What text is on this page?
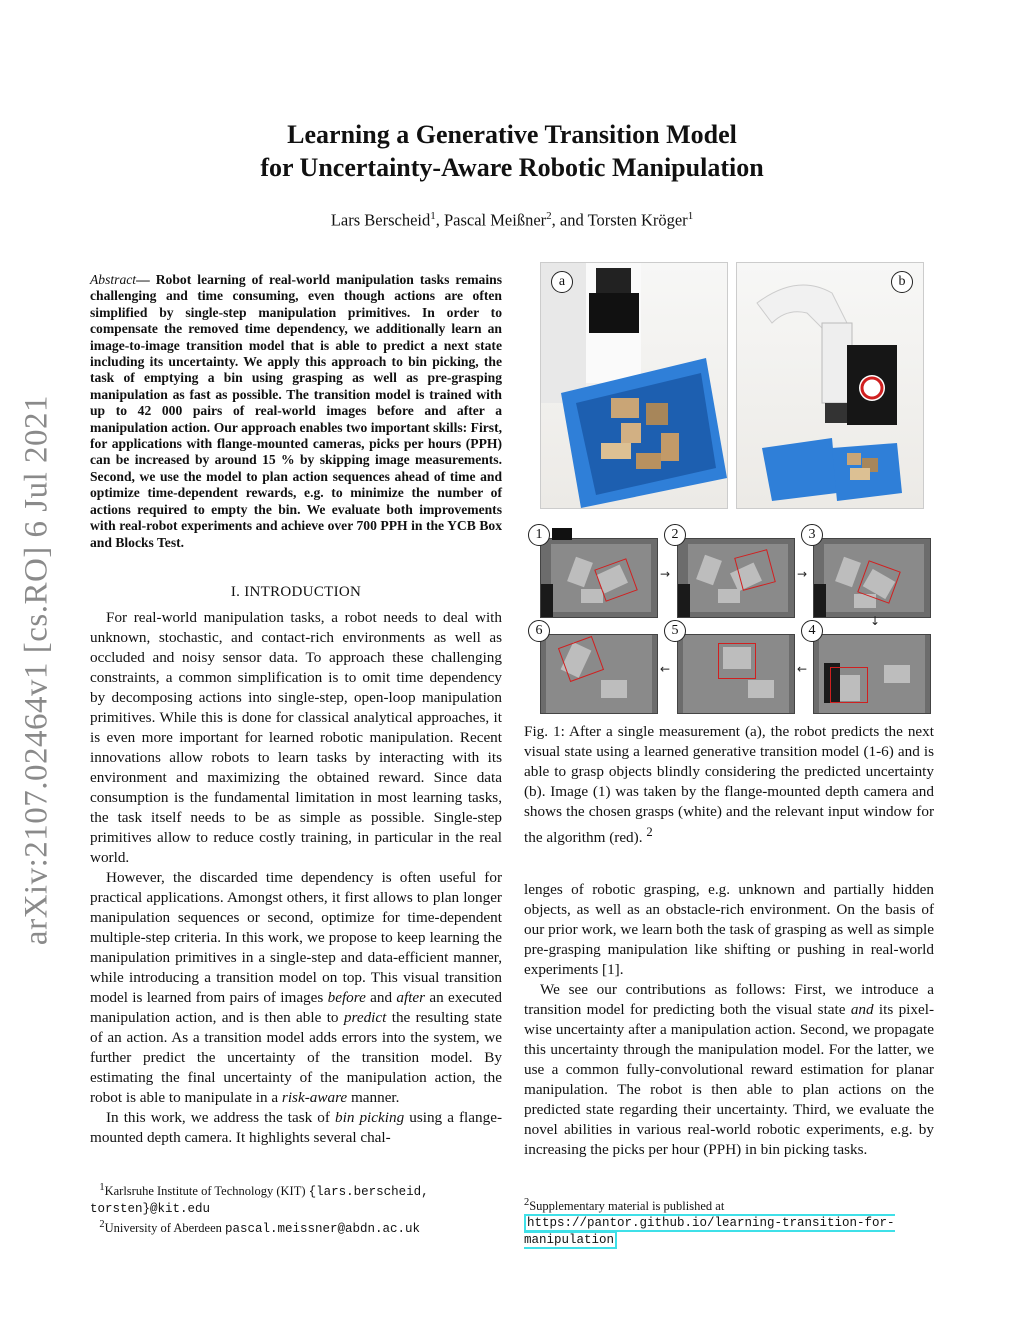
arXiv:2107.02464v1 [cs.RO] 6 Jul 2021
Learning a Generative Transition Model
for Uncertainty-Aware Robotic Manipulation
Lars Berscheid$^1$, Pascal Meißner$^2$, and Torsten Kröger$^1$
Abstract— Robot learning of real-world manipulation tasks remains challenging and time consuming, even though actions are often simplified by single-step manipulation primitives. In order to compensate the removed time dependency, we additionally learn an image-to-image transition model that is able to predict a next state including its uncertainty. We apply this approach to bin picking, the task of emptying a bin using grasping as well as pre-grasping manipulation as fast as possible. The transition model is trained with up to 42 000 pairs of real-world images before and after a manipulation action. Our approach enables two important skills: First, for applications with flange-mounted cameras, picks per hours (PPH) can be increased by around 15 % by skipping image measurements. Second, we use the model to plan action sequences ahead of time and optimize time-dependent rewards, e.g. to minimize the number of actions required to empty the bin. We evaluate both improvements with real-robot experiments and achieve over 700 PPH in the YCB Box and Blocks Test.
I. INTRODUCTION

For real-world manipulation tasks, a robot needs to deal with unknown, stochastic, and contact-rich environments as well as occluded and noisy sensor data. To approach these challenging constraints, a common simplification is to omit time dependency by decomposing actions into single-step, open-loop manipulation primitives. While this is done for classical analytical approaches, it is even more important for learned robotic manipulation. Recent innovations allow robots to learn tasks by interacting with its environment and maximizing the obtained reward. Since data consumption is the fundamental limitation in most learning tasks, the task itself needs to be as simple as possible. Single-step primitives allow to reduce costly training, in particular in the real world.

However, the discarded time dependency is often useful for practical applications. Amongst others, it first allows to plan longer manipulation sequences or second, optimize for time-dependent multiple-step criteria. In this work, we propose to keep learning the manipulation primitives in a single-step and data-efficient manner, while introducing a transition model on top. This visual transition model is learned from pairs of images before and after an executed manipulation action, and is then able to predict the resulting state of an action. As a transition model adds errors into the system, we further predict the uncertainty of the transition model. By estimating the final uncertainty of the manipulation action, the robot is able to manipulate in a risk-aware manner.

In this work, we address the task of bin picking using a flange-mounted depth camera. It highlights several chal-

$^1$Karlsruhe Institute of Technology (KIT) {lars.berscheid, torsten}@kit.edu
$^2$University of Aberdeen pascal.meissner@abdn.ac.uk
a	b
1	2	3
6	5	4
→	→
↓
←
←
Fig. 1: After a single measurement (a), the robot predicts the next visual state using a learned generative transition model (1-6) and is able to grasp objects blindly considering the predicted uncertainty (b). Image (1) was taken by the flange-mounted depth camera and shows the chosen grasps (white) and the relevant input window for the algorithm (red). $^2$

lenges of robotic grasping, e.g. unknown and partially hidden objects, as well as an obstacle-rich environment. On the basis of our prior work, we learn both the task of grasping as well as simple pre-grasping manipulation like shifting or pushing in real-world experiments [1].

We see our contributions as follows: First, we introduce a transition model for predicting both the visual state and its pixel-wise uncertainty after a manipulation action. Second, we propagate this uncertainty through the manipulation model. For the latter, we use a common fully-convolutional reward estimation for planar manipulation. The robot is then able to plan actions on the predicted state regarding their uncertainty. Third, we evaluate the novel abilities in various real-world robotic experiments, e.g. by increasing the picks per hour (PPH) in bin picking tasks.

$^2$Supplementary material is published at https://pantor.github.io/learning-transition-for-manipulation
